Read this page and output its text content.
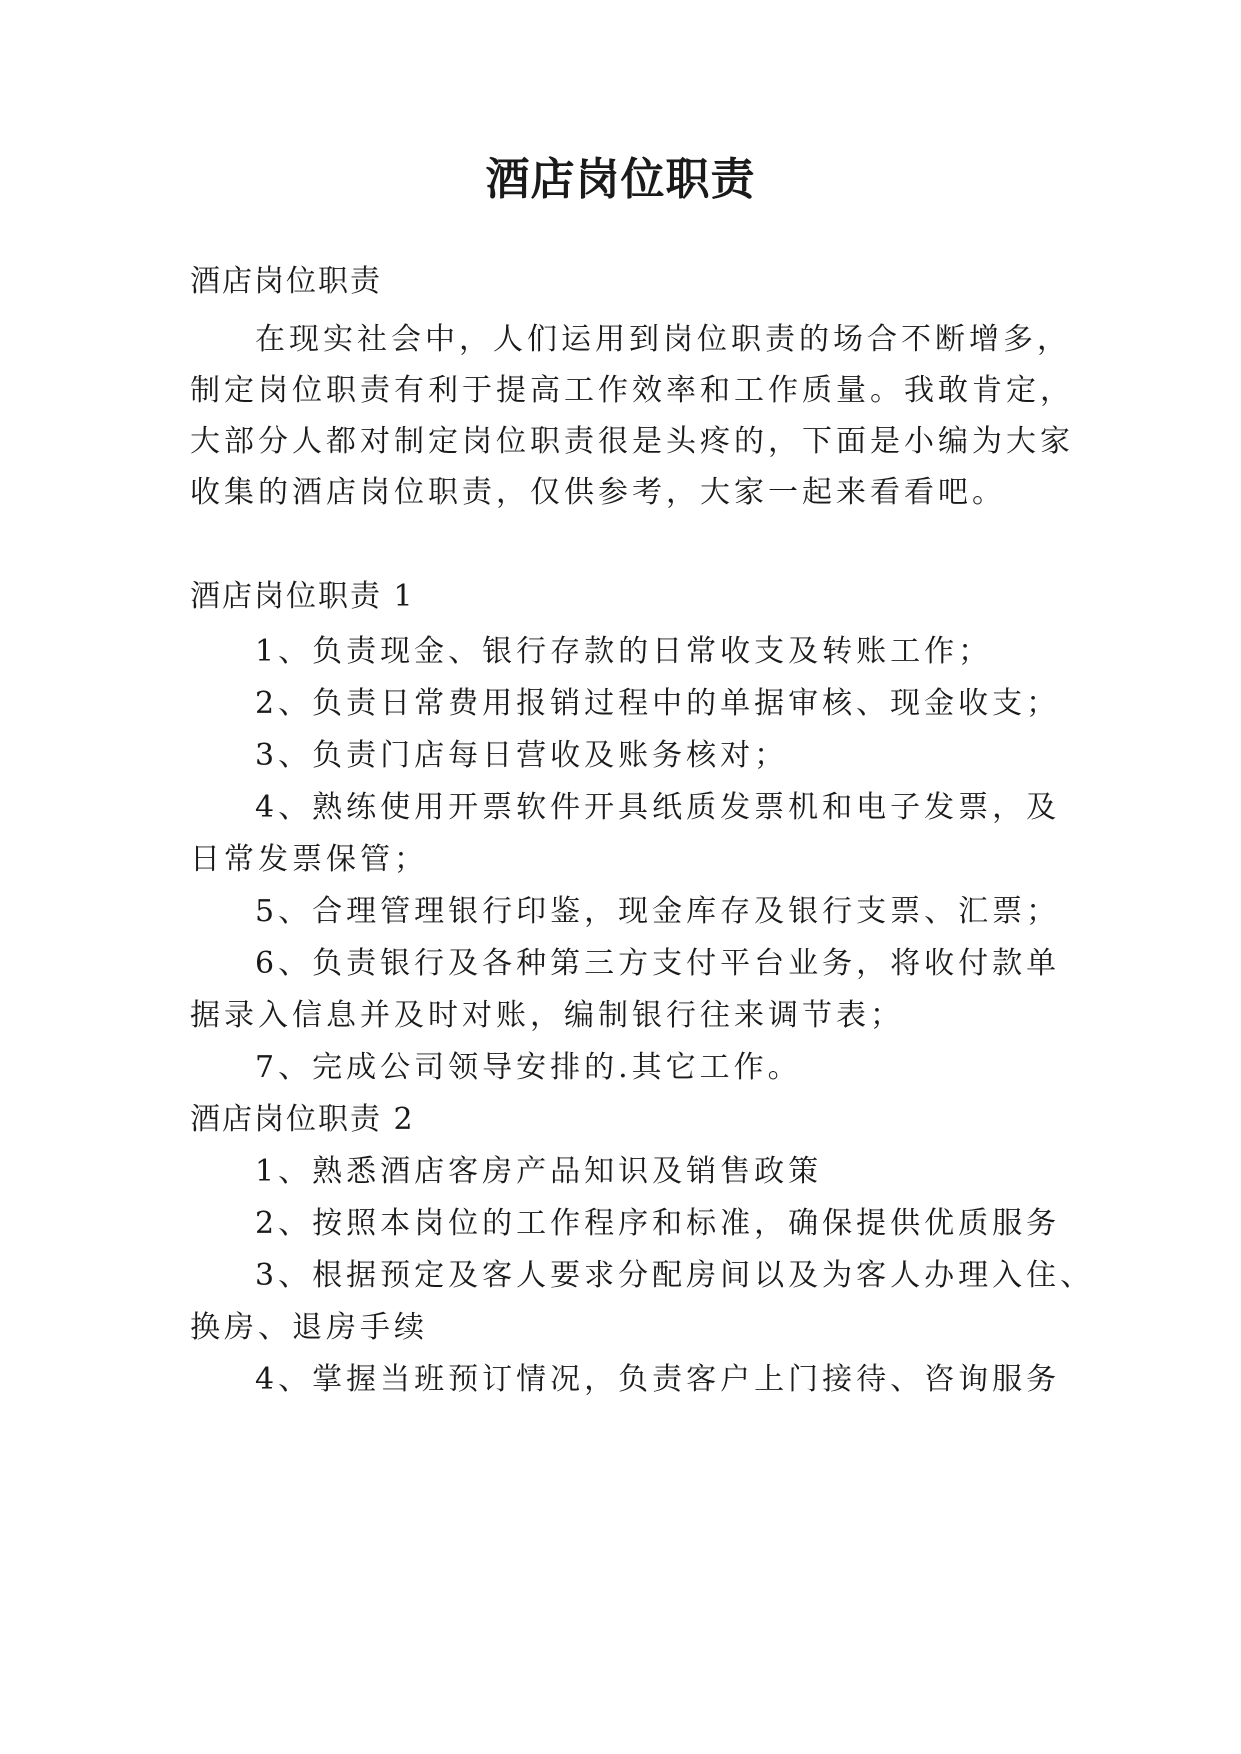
酒店岗位职责
酒店岗位职责
在现实社会中，人们运用到岗位职责的场合不断增多，
制定岗位职责有利于提高工作效率和工作质量。我敢肯定，
大部分人都对制定岗位职责很是头疼的，下面是小编为大家
收集的酒店岗位职责，仅供参考，大家一起来看看吧。
酒店岗位职责 1
1、负责现金、银行存款的日常收支及转账工作；
2、负责日常费用报销过程中的单据审核、现金收支；
3、负责门店每日营收及账务核对；
4、熟练使用开票软件开具纸质发票机和电子发票，及
日常发票保管；
5、合理管理银行印鉴，现金库存及银行支票、汇票；
6、负责银行及各种第三方支付平台业务，将收付款单
据录入信息并及时对账，编制银行往来调节表；
7、完成公司领导安排的.其它工作。
酒店岗位职责 2
1、熟悉酒店客房产品知识及销售政策
2、按照本岗位的工作程序和标准，确保提供优质服务
3、根据预定及客人要求分配房间以及为客人办理入住、
换房、退房手续
4、掌握当班预订情况，负责客户上门接待、咨询服务
